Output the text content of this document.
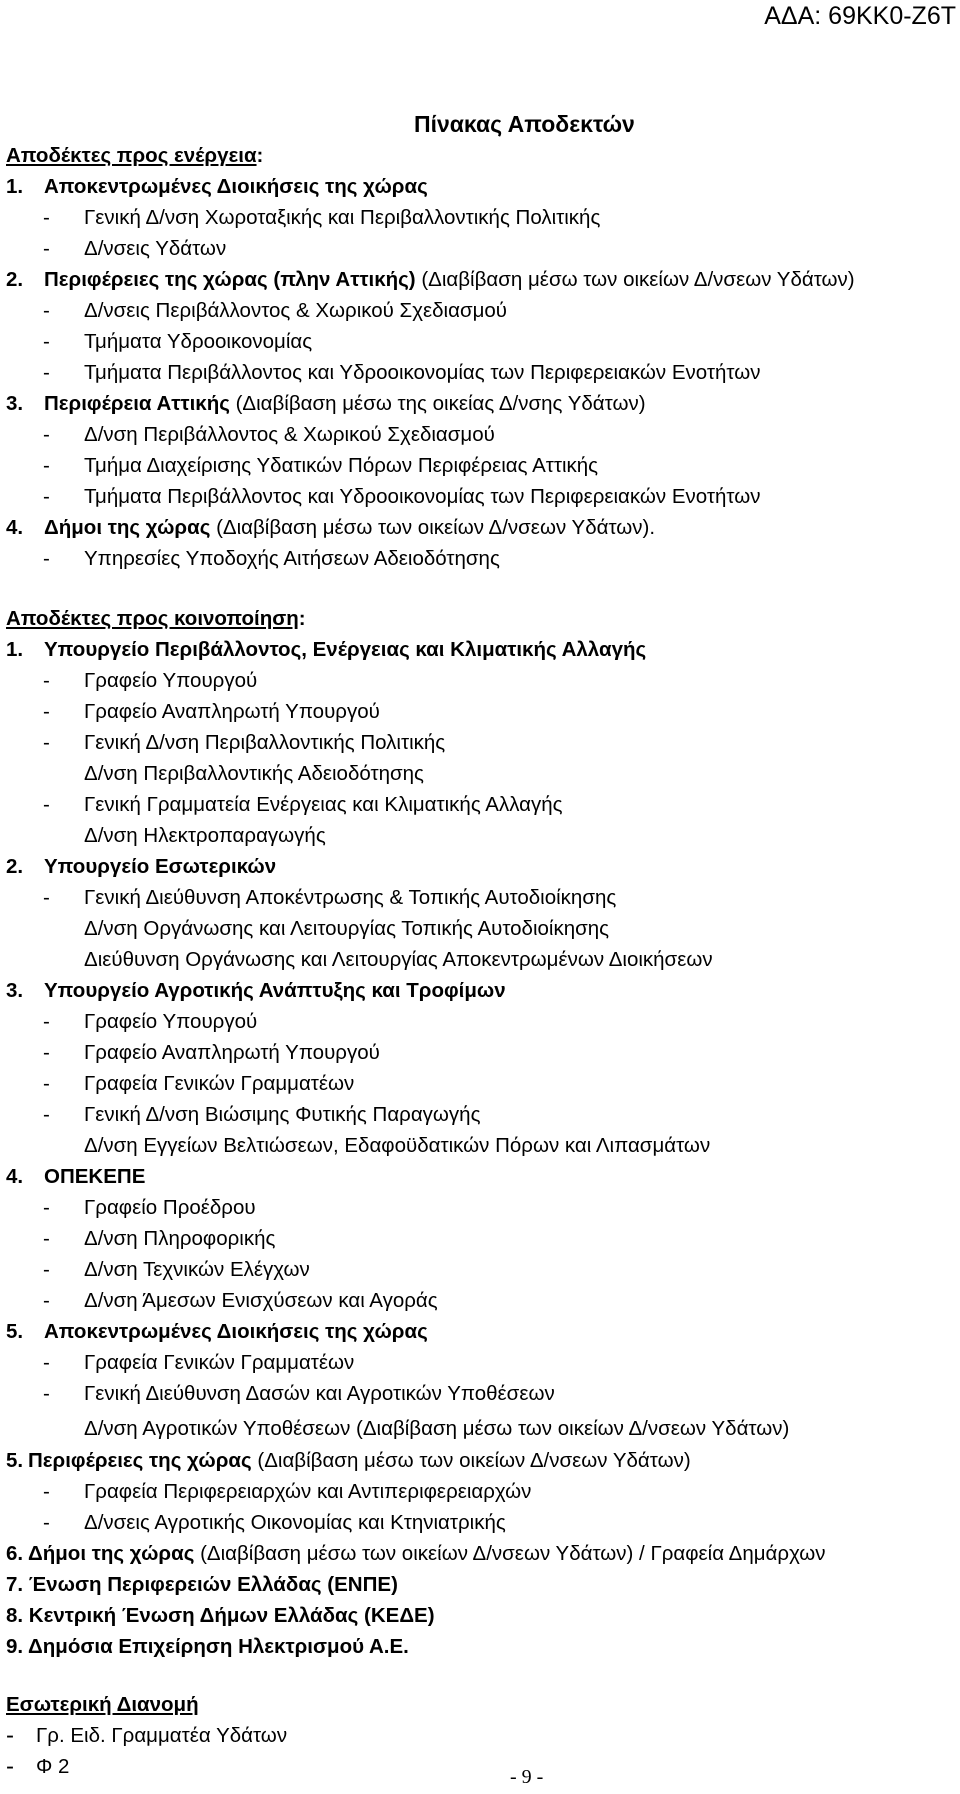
ΑΔΑ: 69ΚΚ0-Ζ6Τ
Πίνακας Αποδεκτών
Αποδέκτες προς ενέργεια:
1. Αποκεντρωμένες Διοικήσεις της χώρας
- Γενική Δ/νση Χωροταξικής και Περιβαλλοντικής Πολιτικής
- Δ/νσεις Υδάτων
2. Περιφέρειες της χώρας (πλην Αττικής) (Διαβίβαση μέσω των οικείων Δ/νσεων Υδάτων)
- Δ/νσεις Περιβάλλοντος & Χωρικού Σχεδιασμού
- Τμήματα Υδροοικονομίας
- Τμήματα Περιβάλλοντος και Υδροοικονομίας των Περιφερειακών Ενοτήτων
3. Περιφέρεια Αττικής (Διαβίβαση μέσω της οικείας Δ/νσης Υδάτων)
- Δ/νση Περιβάλλοντος & Χωρικού Σχεδιασμού
- Τμήμα Διαχείρισης Υδατικών Πόρων Περιφέρειας Αττικής
- Τμήματα Περιβάλλοντος και Υδροοικονομίας των Περιφερειακών Ενοτήτων
4. Δήμοι της χώρας (Διαβίβαση μέσω των οικείων Δ/νσεων Υδάτων).
- Υπηρεσίες Υποδοχής Αιτήσεων Αδειοδότησης
Αποδέκτες προς κοινοποίηση:
1. Υπουργείο Περιβάλλοντος, Ενέργειας και Κλιματικής Αλλαγής
- Γραφείο Υπουργού
- Γραφείο Αναπληρωτή Υπουργού
- Γενική Δ/νση Περιβαλλοντικής Πολιτικής
Δ/νση Περιβαλλοντικής Αδειοδότησης
- Γενική Γραμματεία Ενέργειας και Κλιματικής Αλλαγής
Δ/νση Ηλεκτροπαραγωγής
2. Υπουργείο Εσωτερικών
- Γενική Διεύθυνση Αποκέντρωσης & Τοπικής Αυτοδιοίκησης
Δ/νση Οργάνωσης και Λειτουργίας Τοπικής Αυτοδιοίκησης
Διεύθυνση Οργάνωσης και Λειτουργίας Αποκεντρωμένων Διοικήσεων
3. Υπουργείο Αγροτικής Ανάπτυξης και Τροφίμων
- Γραφείο Υπουργού
- Γραφείο Αναπληρωτή Υπουργού
- Γραφεία Γενικών Γραμματέων
- Γενική Δ/νση Βιώσιμης Φυτικής Παραγωγής
Δ/νση Εγγείων Βελτιώσεων, Εδαφοϋδατικών Πόρων και Λιπασμάτων
4. ΟΠΕΚΕΠΕ
- Γραφείο Προέδρου
- Δ/νση Πληροφορικής
- Δ/νση Τεχνικών Ελέγχων
- Δ/νση Άμεσων Ενισχύσεων και Αγοράς
5. Αποκεντρωμένες Διοικήσεις της χώρας
- Γραφεία Γενικών Γραμματέων
- Γενική Διεύθυνση Δασών και Αγροτικών Υποθέσεων
Δ/νση Αγροτικών Υποθέσεων (Διαβίβαση μέσω των οικείων Δ/νσεων Υδάτων)
5. Περιφέρειες της χώρας (Διαβίβαση μέσω των οικείων Δ/νσεων Υδάτων)
- Γραφεία Περιφερειαρχών και Αντιπεριφερειαρχών
- Δ/νσεις Αγροτικής Οικονομίας και Κτηνιατρικής
6. Δήμοι της χώρας (Διαβίβαση μέσω των οικείων Δ/νσεων Υδάτων) / Γραφεία Δημάρχων
7. Ένωση Περιφερειών Ελλάδας (ΕΝΠΕ)
8. Κεντρική Ένωση Δήμων Ελλάδας (ΚΕΔΕ)
9. Δημόσια Επιχείρηση Ηλεκτρισμού Α.Ε.
Εσωτερική Διανομή
- Γρ. Ειδ. Γραμματέα Υδάτων
- Φ 2	- 9 -
